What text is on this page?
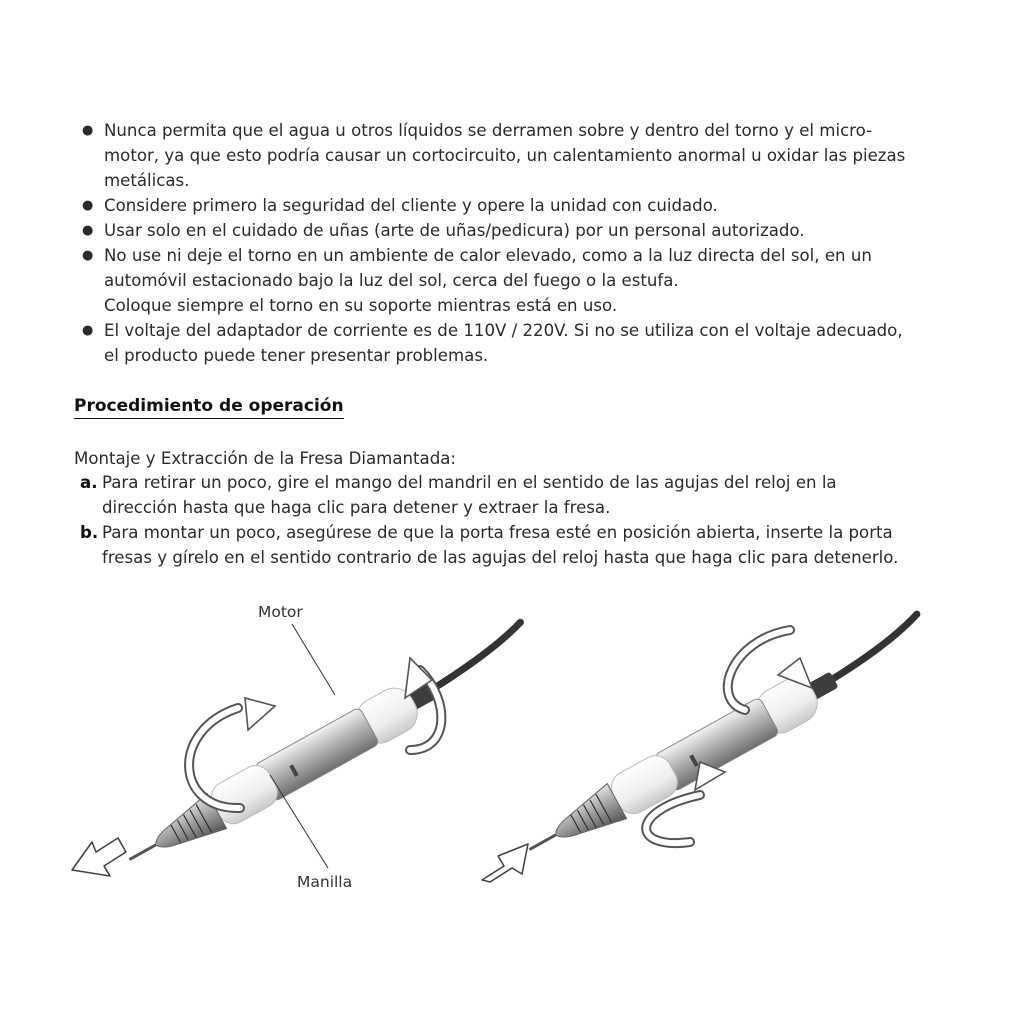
● Nunca permita que el agua u otros líquidos se derramen sobre y dentro del torno y el micro-
motor, ya que esto podría causar un cortocircuito, un calentamiento anormal u oxidar las piezas
metálicas.
● Considere primero la seguridad del cliente y opere la unidad con cuidado.
● Usar solo en el cuidado de uñas (arte de uñas/pedicura) por un personal autorizado.
● No use ni deje el torno en un ambiente de calor elevado, como a la luz directa del sol, en un
automóvil estacionado bajo la luz del sol, cerca del fuego o la estufa.
Coloque siempre el torno en su soporte mientras está en uso.
● El voltaje del adaptador de corriente es de 110V / 220V. Si no se utiliza con el voltaje adecuado,
el producto puede tener presentar problemas.
Procedimiento de operación
Montaje y Extracción de la Fresa Diamantada:
a. Para retirar un poco, gire el mango del mandril en el sentido de las agujas del reloj en la
dirección hasta que haga clic para detener y extraer la fresa.
b. Para montar un poco, asegúrese de que la porta fresa esté en posición abierta, inserte la porta
fresas y gírelo en el sentido contrario de las agujas del reloj hasta que haga clic para detenerlo.
Motor
Manilla
